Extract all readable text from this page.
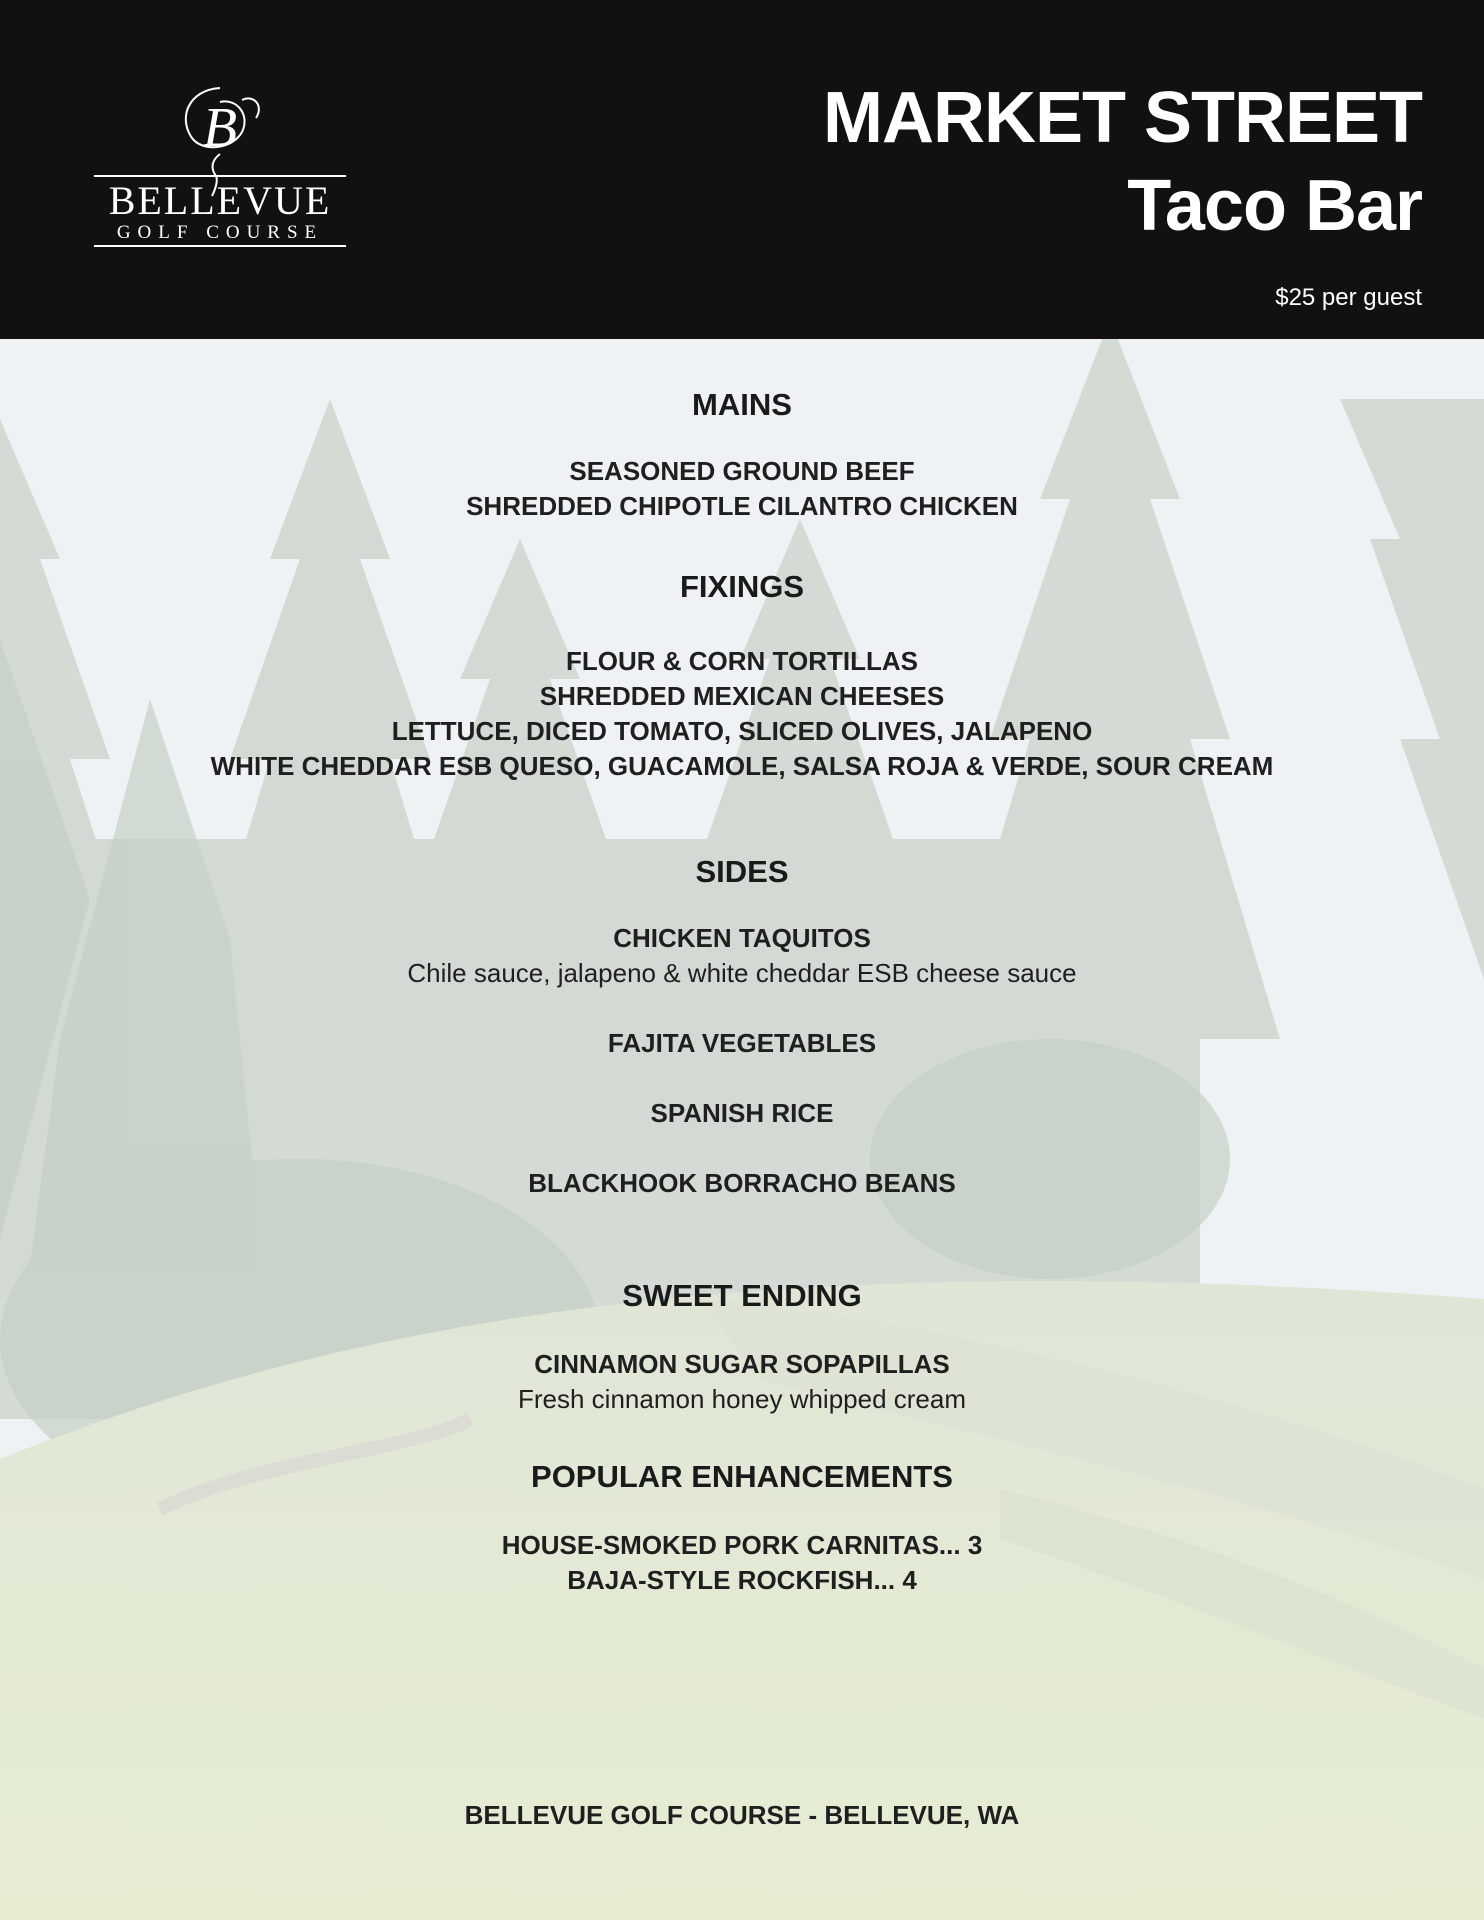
B
BELLEVUE
GOLF COURSE
MARKET STREET
Taco Bar
$25 per guest
MAINS

SEASONED GROUND BEEF

SHREDDED CHIPOTLE CILANTRO CHICKEN

FIXINGS

FLOUR & CORN TORTILLAS

SHREDDED MEXICAN CHEESES

LETTUCE, DICED TOMATO, SLICED OLIVES, JALAPENO

WHITE CHEDDAR ESB QUESO, GUACAMOLE, SALSA ROJA & VERDE, SOUR CREAM

SIDES

CHICKEN TAQUITOS

Chile sauce, jalapeno & white cheddar ESB cheese sauce

FAJITA VEGETABLES

SPANISH RICE

BLACKHOOK BORRACHO BEANS

SWEET ENDING

CINNAMON SUGAR SOPAPILLAS

Fresh cinnamon honey whipped cream

POPULAR ENHANCEMENTS

HOUSE-SMOKED PORK CARNITAS... 3

BAJA-STYLE ROCKFISH... 4

BELLEVUE GOLF COURSE - BELLEVUE, WA
